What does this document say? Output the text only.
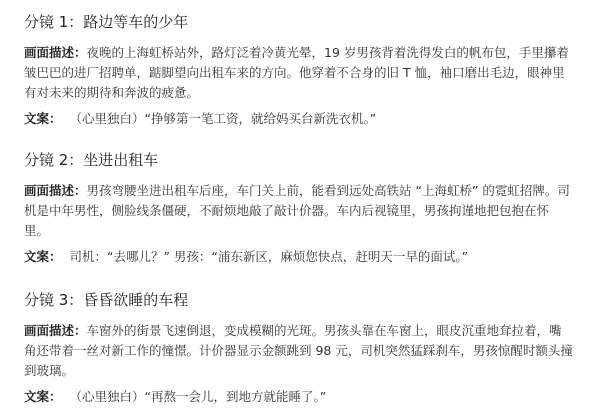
分镜 1：路边等车的少年
画面描述：夜晚的上海虹桥站外，路灯泛着冷黄光晕，19 岁男孩背着洗得发白的帆布包，手里攥着
皱巴巴的进厂招聘单，踮脚望向出租车来的方向。他穿着不合身的旧 T 恤，袖口磨出毛边，眼神里
有对未来的期待和奔波的疲惫。
文案： （心里独白）“挣够第一笔工资，就给妈买台新洗衣机。”
分镜 2：坐进出租车
画面描述：男孩弯腰坐进出租车后座，车门关上前，能看到远处高铁站 “上海虹桥” 的霓虹招牌。司
机是中年男性，侧脸线条僵硬，不耐烦地敲了敲计价器。车内后视镜里，男孩拘谨地把包抱在怀
里。
文案： 司机：“去哪儿？” 男孩：“浦东新区，麻烦您快点，赶明天一早的面试。”
分镜 3：昏昏欲睡的车程
画面描述：车窗外的街景飞速倒退，变成模糊的光斑。男孩头靠在车窗上，眼皮沉重地耷拉着，嘴
角还带着一丝对新工作的憧憬。计价器显示金额跳到 98 元，司机突然猛踩刹车，男孩惊醒时额头撞
到玻璃。
文案： （心里独白）“再熬一会儿，到地方就能睡了。”
